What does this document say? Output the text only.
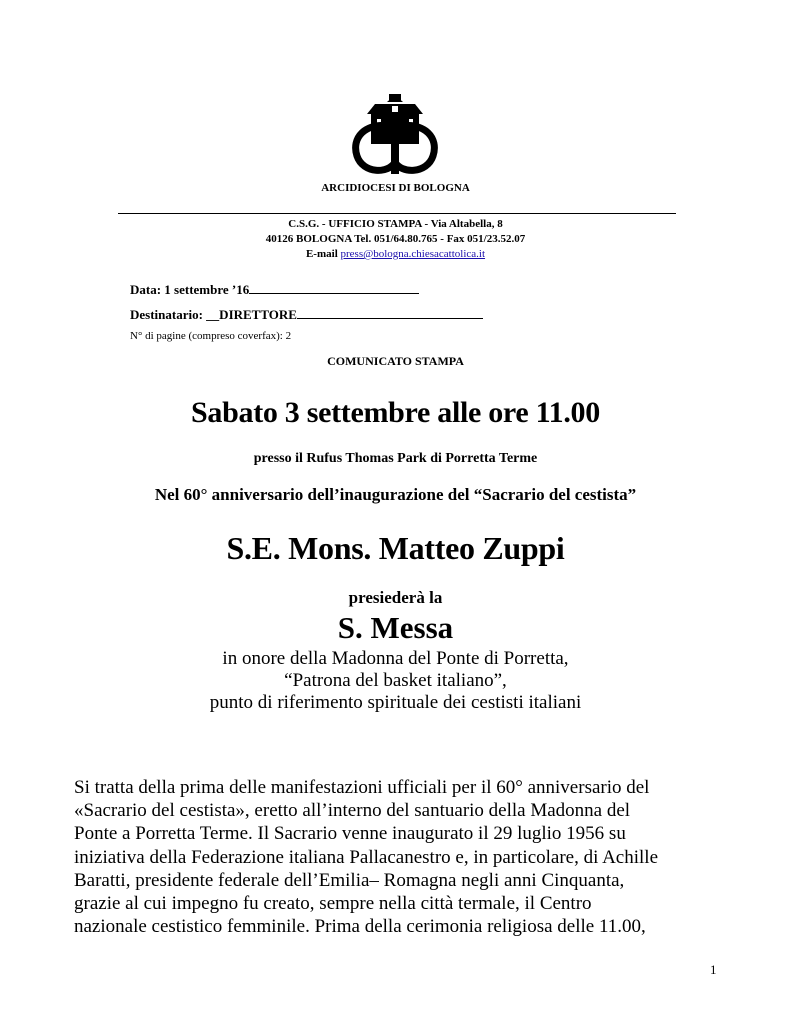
ARCIDIOCESI DI BOLOGNA
C.S.G. - UFFICIO STAMPA - Via Altabella, 8
40126 BOLOGNA Tel. 051/64.80.765 - Fax 051/23.52.07
E-mail press@bologna.chiesacattolica.it
Data: 1 settembre ’16
Destinatario: __DIRETTORE
N° di pagine (compreso coverfax): 2
COMUNICATO STAMPA
Sabato 3 settembre alle ore 11.00
presso il Rufus Thomas Park di Porretta Terme
Nel 60° anniversario dell’inaugurazione del “Sacrario del cestista”
S.E. Mons. Matteo Zuppi
presiederà la
S. Messa
in onore della Madonna del Ponte di Porretta,
“Patrona del basket italiano”,
punto di riferimento spirituale dei cestisti italiani
Si tratta della prima delle manifestazioni ufficiali per il 60° anniversario del
«Sacrario del cestista», eretto all’interno del santuario della Madonna del
Ponte a Porretta Terme. Il Sacrario venne inaugurato il 29 luglio 1956 su
iniziativa della Federazione italiana Pallacanestro e, in particolare, di Achille
Baratti, presidente federale dell’Emilia– Romagna negli anni Cinquanta,
grazie al cui impegno fu creato, sempre nella città termale, il Centro
nazionale cestistico femminile. Prima della cerimonia religiosa delle 11.00,
1
